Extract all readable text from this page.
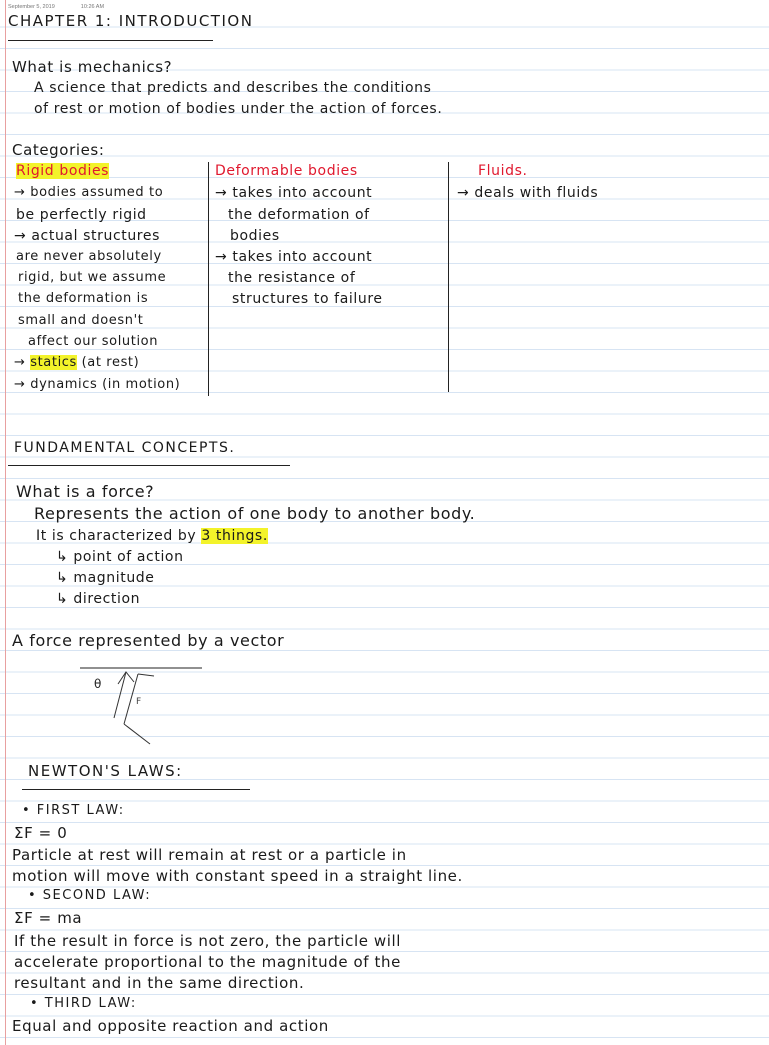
September 5, 2019	10:26 AM
CHAPTER 1: INTRODUCTION
What is mechanics?
A science that predicts and describes the conditions
of rest or motion of bodies under the action of forces.
Categories:
Rigid bodies
→ bodies assumed to
be perfectly rigid
→ actual structures
are never absolutely
rigid, but we assume
the deformation is
small and doesn't
affect our solution
→ statics (at rest)
→ dynamics (in motion)
Deformable bodies
→ takes into account
the deformation of
bodies
→ takes into account
the resistance of
structures to failure
Fluids.
→ deals with fluids
FUNDAMENTAL CONCEPTS.
What is a force?
Represents the action of one body to another body.
It is characterized by 3 things.
↳ point of action
↳ magnitude
↳ direction
A force represented by a vector
θ
F
NEWTON'S LAWS:
• FIRST LAW:
ΣF = 0
Particle at rest will remain at rest or a particle in
motion will move with constant speed in a straight line.
• SECOND LAW:
ΣF = ma
If the result in force is not zero, the particle will
accelerate proportional to the magnitude of the
resultant and in the same direction.
• THIRD LAW:
Equal and opposite reaction and action
